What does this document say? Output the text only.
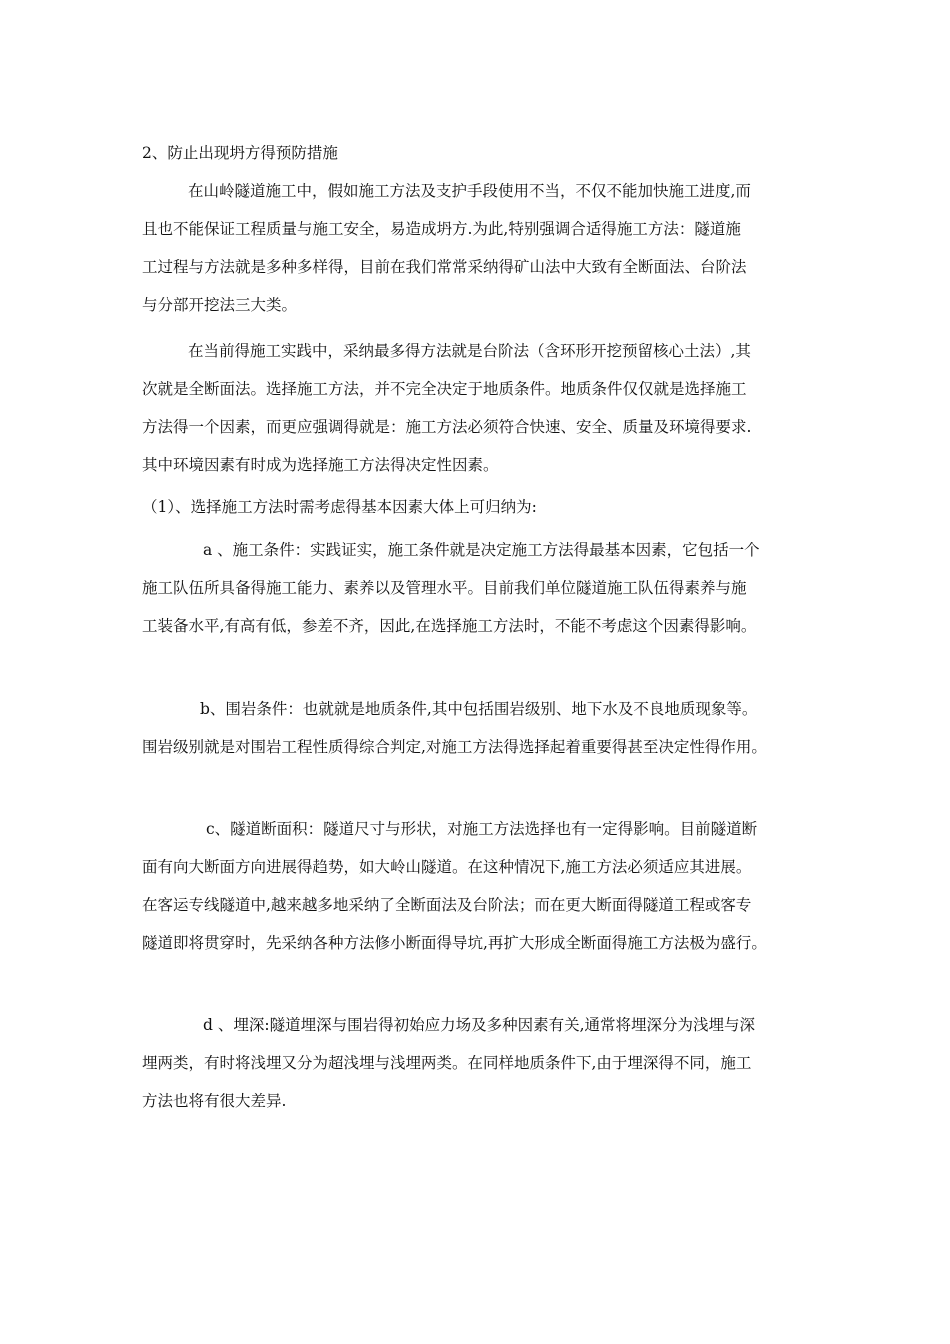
2、防止出现坍方得预防措施

在山岭隧道施工中，假如施工方法及支护手段使用不当，不仅不能加快施工进度,而

且也不能保证工程质量与施工安全，易造成坍方.为此,特别强调合适得施工方法：隧道施

工过程与方法就是多种多样得，目前在我们常常采纳得矿山法中大致有全断面法、台阶法

与分部开挖法三大类。

在当前得施工实践中，采纳最多得方法就是台阶法（含环形开挖预留核心土法）,其

次就是全断面法。选择施工方法，并不完全决定于地质条件。地质条件仅仅就是选择施工

方法得一个因素，而更应强调得就是：施工方法必须符合快速、安全、质量及环境得要求.

其中环境因素有时成为选择施工方法得决定性因素。

（1）、选择施工方法时需考虑得基本因素大体上可归纳为:

a 、施工条件：实践证实，施工条件就是决定施工方法得最基本因素，它包括一个

施工队伍所具备得施工能力、素养以及管理水平。目前我们单位隧道施工队伍得素养与施

工装备水平,有高有低，参差不齐，因此,在选择施工方法时，不能不考虑这个因素得影响。

b、围岩条件：也就就是地质条件,其中包括围岩级别、地下水及不良地质现象等。

围岩级别就是对围岩工程性质得综合判定,对施工方法得选择起着重要得甚至决定性得作用。

c、隧道断面积：隧道尺寸与形状，对施工方法选择也有一定得影响。目前隧道断

面有向大断面方向进展得趋势，如大岭山隧道。在这种情况下,施工方法必须适应其进展。

在客运专线隧道中,越来越多地采纳了全断面法及台阶法；而在更大断面得隧道工程或客专

隧道即将贯穿时，先采纳各种方法修小断面得导坑,再扩大形成全断面得施工方法极为盛行。

d 、埋深:隧道埋深与围岩得初始应力场及多种因素有关,通常将埋深分为浅埋与深

埋两类，有时将浅埋又分为超浅埋与浅埋两类。在同样地质条件下,由于埋深得不同，施工

方法也将有很大差异.
